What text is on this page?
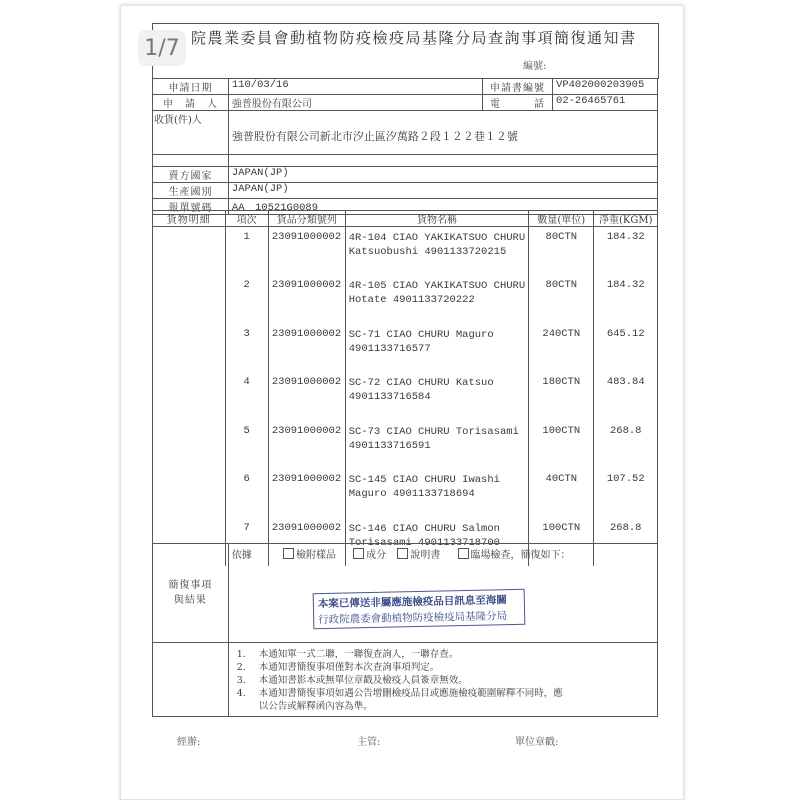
1/7 院農業委員會動植物防疫檢疫局基隆分局查詢事項簡復通知書
編號:
申請日期	110/03/16	申請書編號	VP402000203905
申　請　人	強普股份有限公司	電　　　話	02-26465761
收貨(件)人	強普股份有限公司新北市汐止區汐萬路２段１２２巷１２號		

賣方國家	JAPAN(JP)		
生產國別	JAPAN(JP)		
報單號碼	AA　10521G0089		
貨物明細	項次	貨品分類號列	貨物名稱	數量(單位)	淨重(KGM)
	1	23091000002	4R-104 CIAO YAKIKATSUO CHURU
Katsuobushi 4901133720215	80CTN	184.32
	2	23091000002	4R-105 CIAO YAKIKATSUO CHURU
Hotate 4901133720222	80CTN	184.32
	3	23091000002	SC-71 CIAO CHURU Maguro
4901133716577	240CTN	645.12
	4	23091000002	SC-72 CIAO CHURU Katsuo
4901133716584	180CTN	483.84
	5	23091000002	SC-73 CIAO CHURU Torisasami
4901133716591	100CTN	268.8
	6	23091000002	SC-145 CIAO CHURU Iwashi
Maguro 4901133718694	40CTN	107.52
	7	23091000002	SC-146 CIAO CHURU Salmon
Torisasami 4901133718700	100CTN	268.8
簡復事項
與結果	依據 檢附樣品 成分 說明書 臨場檢查，簡復如下：

	1. 本通知單一式二聯，一聯復查詢人，一聯存查。
2. 本通知書簡復事項僅對本次查詢事項判定。
3. 本通知書影本或無單位章戳及檢疫人員簽章無效。
4. 本通知書簡復事項如遇公告增刪檢疫品目或應施檢疫範圍解釋不同時，應
以公告或解釋函內容為準。
本案已傳送非屬應施檢疫品目訊息至海關
行政院農委會動植物防疫檢疫局基隆分局
經辦:	主管:	單位章戳:
